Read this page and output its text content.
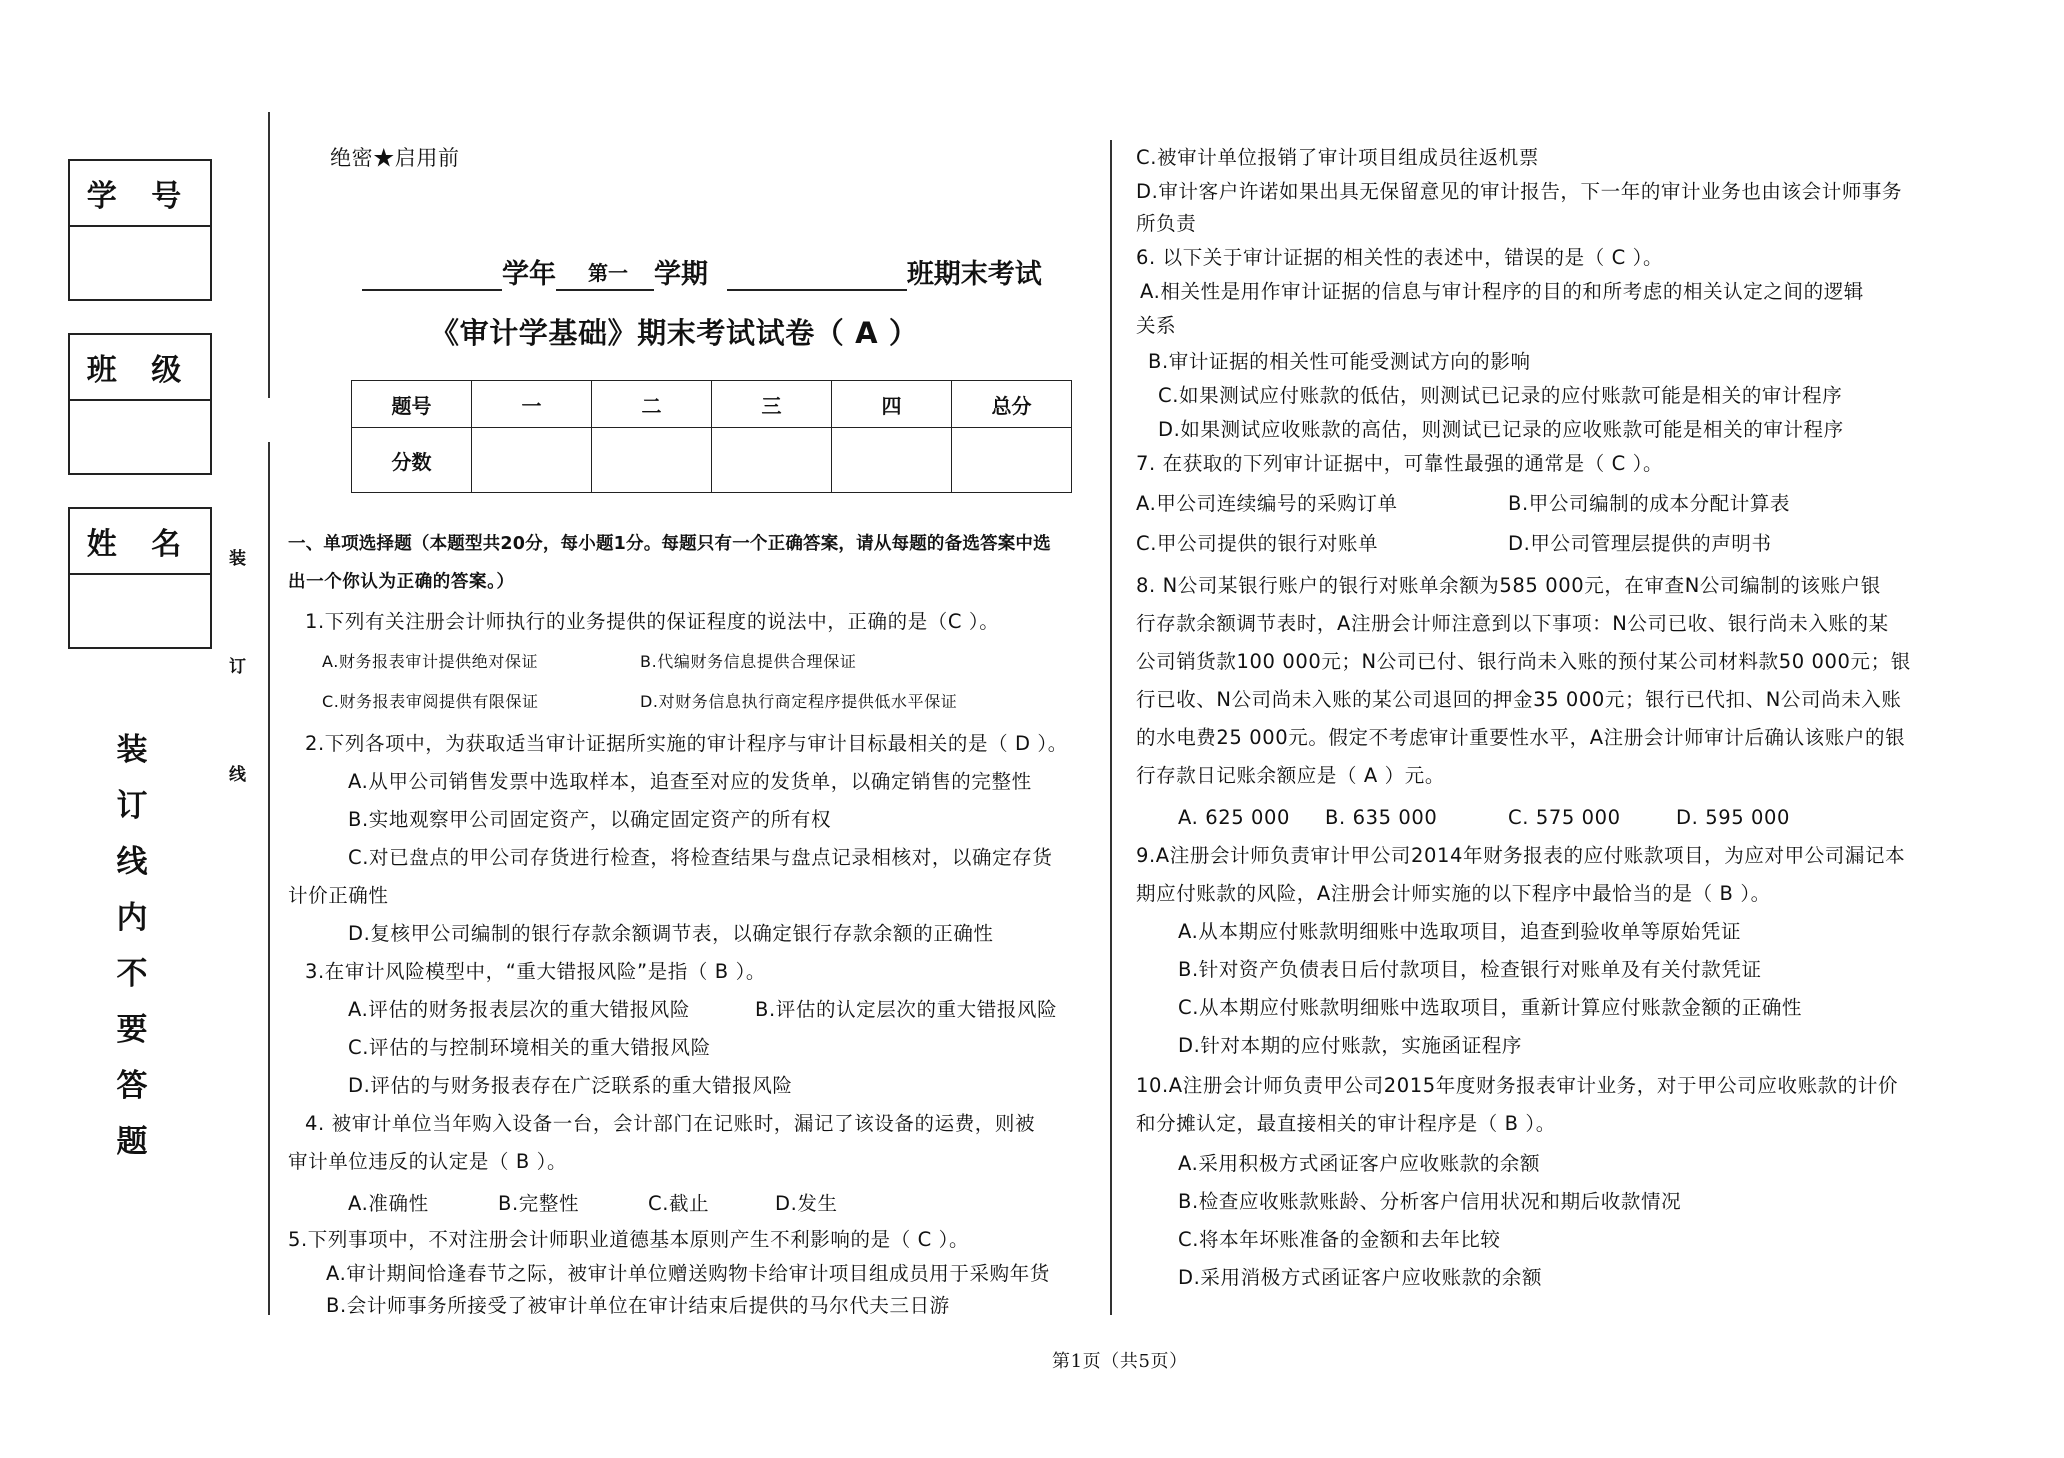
学 号
班 级
姓 名
装
订
线
内
不
要
答
题
装
订
线
绝密★启用前
学年 第一 学期	班期末考试
《审计学基础》期末考试试卷（ A ）
题号	一	二	三	四	总分
分数					
一、单项选择题（本题型共20分，每小题1分。每题只有一个正确答案，请从每题的备选答案中选
出一个你认为正确的答案。）
1.下列有关注册会计师执行的业务提供的保证程度的说法中，正确的是（C ）。
A.财务报表审计提供绝对保证	B.代编财务信息提供合理保证
C.财务报表审阅提供有限保证	D.对财务信息执行商定程序提供低水平保证
2.下列各项中，为获取适当审计证据所实施的审计程序与审计目标最相关的是（ D ）。
A.从甲公司销售发票中选取样本，追查至对应的发货单，以确定销售的完整性
B.实地观察甲公司固定资产，以确定固定资产的所有权
C.对已盘点的甲公司存货进行检查，将检查结果与盘点记录相核对，以确定存货
计价正确性
D.复核甲公司编制的银行存款余额调节表，以确定银行存款余额的正确性
3.在审计风险模型中，“重大错报风险”是指（ B ）。
A.评估的财务报表层次的重大错报风险	B.评估的认定层次的重大错报风险
C.评估的与控制环境相关的重大错报风险
D.评估的与财务报表存在广泛联系的重大错报风险
4. 被审计单位当年购入设备一台，会计部门在记账时，漏记了该设备的运费，则被
审计单位违反的认定是（ B ）。
A.准确性	B.完整性	C.截止	D.发生
5.下列事项中，不对注册会计师职业道德基本原则产生不利影响的是（ C ）。
A.审计期间恰逢春节之际，被审计单位赠送购物卡给审计项目组成员用于采购年货
B.会计师事务所接受了被审计单位在审计结束后提供的马尔代夫三日游
C.被审计单位报销了审计项目组成员往返机票
D.审计客户许诺如果出具无保留意见的审计报告，下一年的审计业务也由该会计师事务
所负责
6. 以下关于审计证据的相关性的表述中，错误的是（ C ）。
A.相关性是用作审计证据的信息与审计程序的目的和所考虑的相关认定之间的逻辑
关系
B.审计证据的相关性可能受测试方向的影响
C.如果测试应付账款的低估，则测试已记录的应付账款可能是相关的审计程序
D.如果测试应收账款的高估，则测试已记录的应收账款可能是相关的审计程序
7. 在获取的下列审计证据中，可靠性最强的通常是（ C ）。
A.甲公司连续编号的采购订单	B.甲公司编制的成本分配计算表
C.甲公司提供的银行对账单	D.甲公司管理层提供的声明书
8. N公司某银行账户的银行对账单余额为585 000元，在审查N公司编制的该账户银
行存款余额调节表时，A注册会计师注意到以下事项：N公司已收、银行尚未入账的某
公司销货款100 000元；N公司已付、银行尚未入账的预付某公司材料款50 000元；银
行已收、N公司尚未入账的某公司退回的押金35 000元；银行已代扣、N公司尚未入账
的水电费25 000元。假定不考虑审计重要性水平，A注册会计师审计后确认该账户的银
行存款日记账余额应是（ A ）元。
A. 625 000 B. 635 000	C. 575 000	D. 595 000
9.A注册会计师负责审计甲公司2014年财务报表的应付账款项目，为应对甲公司漏记本
期应付账款的风险，A注册会计师实施的以下程序中最恰当的是（ B ）。
A.从本期应付账款明细账中选取项目，追查到验收单等原始凭证
B.针对资产负债表日后付款项目，检查银行对账单及有关付款凭证
C.从本期应付账款明细账中选取项目，重新计算应付账款金额的正确性
D.针对本期的应付账款，实施函证程序
10.A注册会计师负责甲公司2015年度财务报表审计业务，对于甲公司应收账款的计价
和分摊认定，最直接相关的审计程序是（ B ）。
A.采用积极方式函证客户应收账款的余额
B.检查应收账款账龄、分析客户信用状况和期后收款情况
C.将本年坏账准备的金额和去年比较
D.采用消极方式函证客户应收账款的余额
第1页（共5页）
